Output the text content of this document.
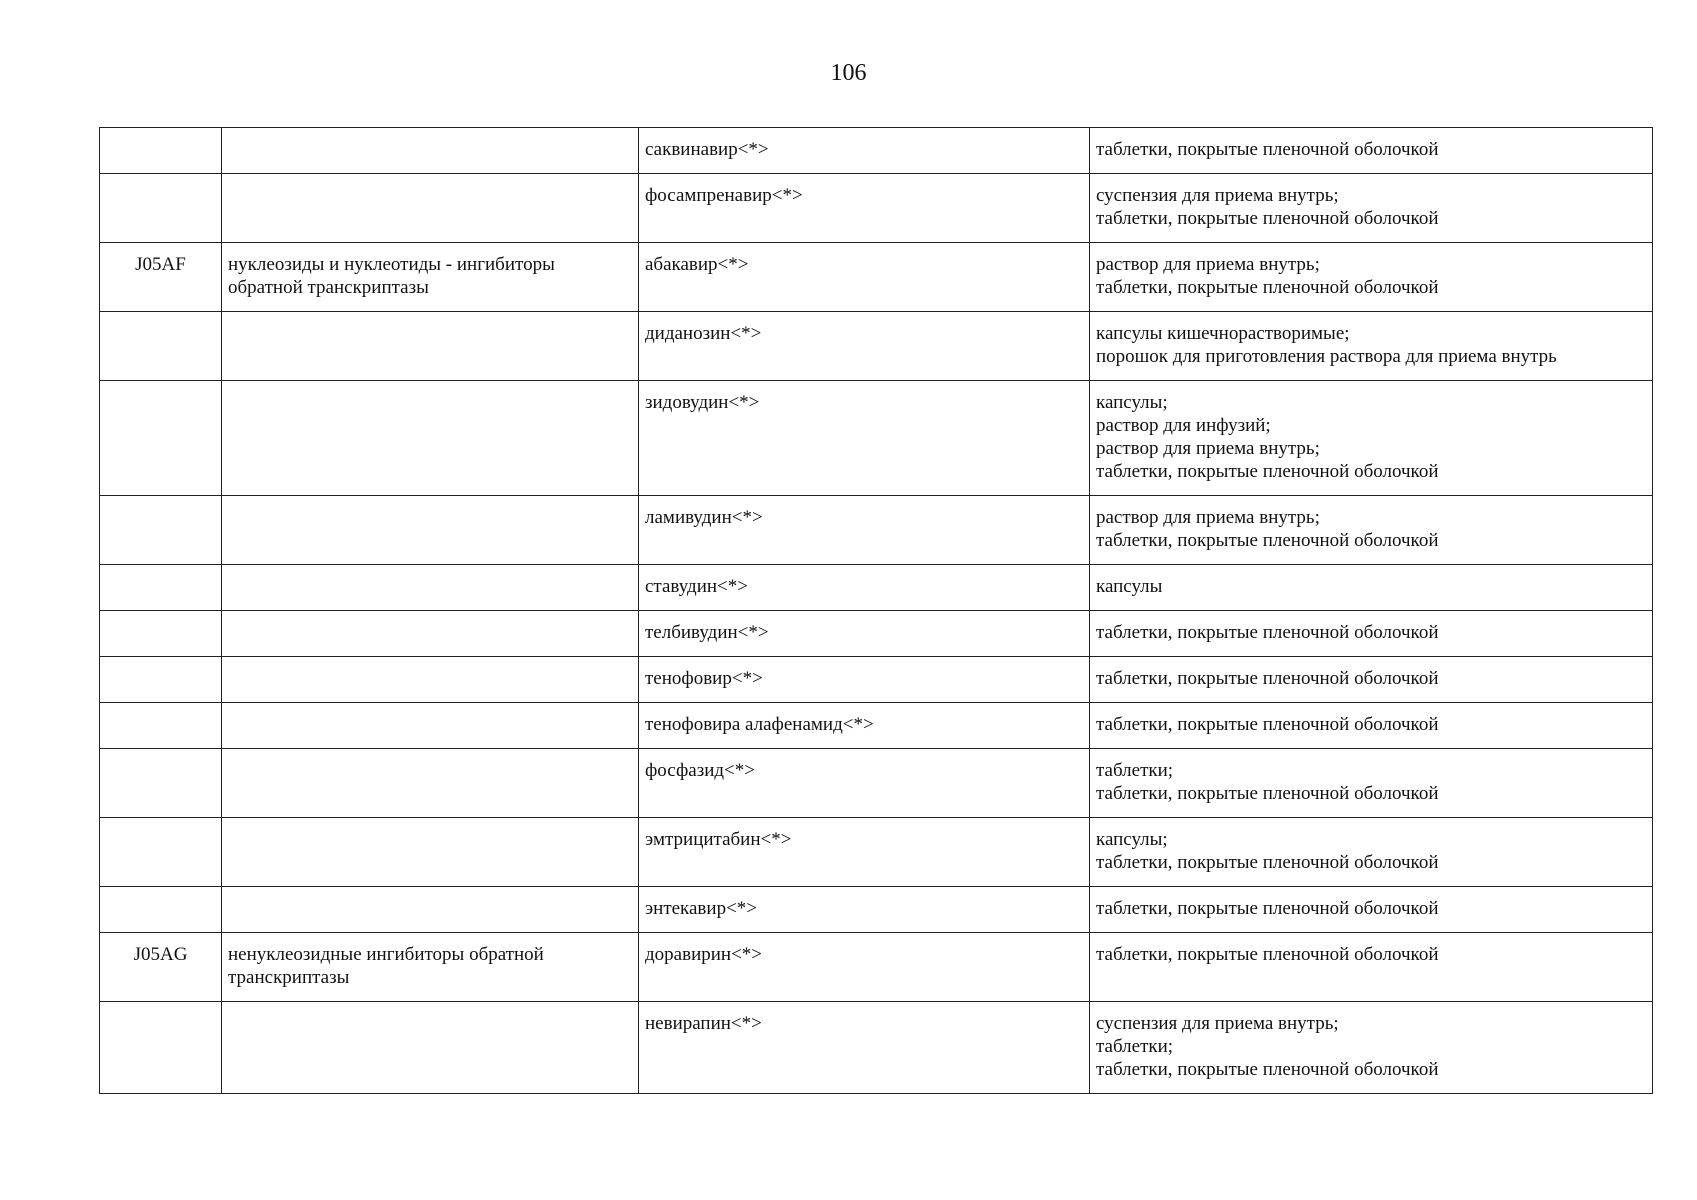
106
		саквинавир<*>	таблетки, покрытые пленочной оболочкой
		фосампренавир<*>	суспензия для приема внутрь;
таблетки, покрытые пленочной оболочкой
J05AF	нуклеозиды и нуклеотиды - ингибиторы обратной транскриптазы	абакавир<*>	раствор для приема внутрь;
таблетки, покрытые пленочной оболочкой
		диданозин<*>	капсулы кишечнорастворимые;
порошок для приготовления раствора для приема внутрь
		зидовудин<*>	капсулы;
раствор для инфузий;
раствор для приема внутрь;
таблетки, покрытые пленочной оболочкой
		ламивудин<*>	раствор для приема внутрь;
таблетки, покрытые пленочной оболочкой
		ставудин<*>	капсулы
		телбивудин<*>	таблетки, покрытые пленочной оболочкой
		тенофовир<*>	таблетки, покрытые пленочной оболочкой
		тенофовира алафенамид<*>	таблетки, покрытые пленочной оболочкой
		фосфазид<*>	таблетки;
таблетки, покрытые пленочной оболочкой
		эмтрицитабин<*>	капсулы;
таблетки, покрытые пленочной оболочкой
		энтекавир<*>	таблетки, покрытые пленочной оболочкой
J05AG	ненуклеозидные ингибиторы обратной транскриптазы	доравирин<*>	таблетки, покрытые пленочной оболочкой
		невирапин<*>	суспензия для приема внутрь;
таблетки;
таблетки, покрытые пленочной оболочкой
